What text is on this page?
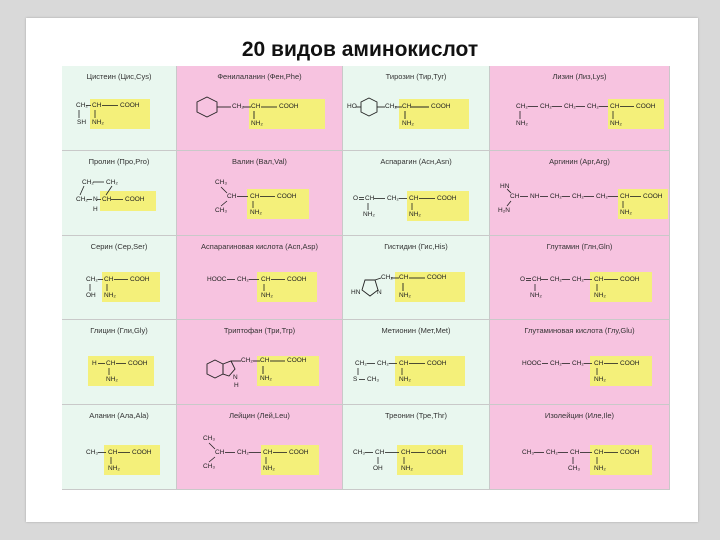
20 видов аминокислот
Цистеин (Цис,Cys)
CH₂ CH	COOH
SH NH₂
Фенилаланин (Фен,Phe)
CH₂ CH	COOH
NH₂
Тирозин (Тир,Tyr)
HO	CH₂ CH	COOH
NH₂
Лизин (Лиз,Lys)
CH₂ CH₂ CH₂ CH₂ CH	COOH
NH₂	NH₂
Пролин (Про,Pro)
CH₂ CH₂
CH₂ CH COOH
N
H
Валин (Вал,Val)
CH₃
CH
CH₃
CH	COOH
NH₂
Аспарагин (Асн,Asn)
O CH CH₂ CH	COOH
NH₂	NH₂
Аргинин (Apr,Arg)
HN
CH
H₂N
NH CH₂ CH₂ CH₂ CH COOH
NH₂
Серин (Сер,Ser)
CH₂ CH	COOH
OH NH₂
Аспарагиновая кислота (Асп,Asp)
HOOC CH₂ CH	COOH
NH₂
Гистидин (Гис,His)
HN	N
CH₂ CH	COOH
NH₂
Глутамин (Глн,Gln)
O CH CH₂ CH₂ CH	COOH
NH₂	NH₂
Глицин (Гли,Gly)
H CH COOH
NH₂
Триптофан (Три,Trp)
N
H
CH₂ CH	COOH
NH₂
Метионин (Мет,Met)
CH₂ CH₂ CH	COOH
S CH₃	NH₂
Глутаминовая кислота (Глу,Glu)
HOOC CH₂ CH₂ CH	COOH
NH₂
Аланин (Ала,Ala)
CH₃ CH COOH
NH₂
Лейцин (Лей,Leu)
CH₃
CH
CH₃
CH₂ CH	COOH
NH₂
Треонин (Тре,Thr)
CH₃ CH	CH	COOH
OH	NH₂
Изолейцин (Иле,Ile)
CH₃ CH₂ CH CH	COOH
CH₃ NH₂
